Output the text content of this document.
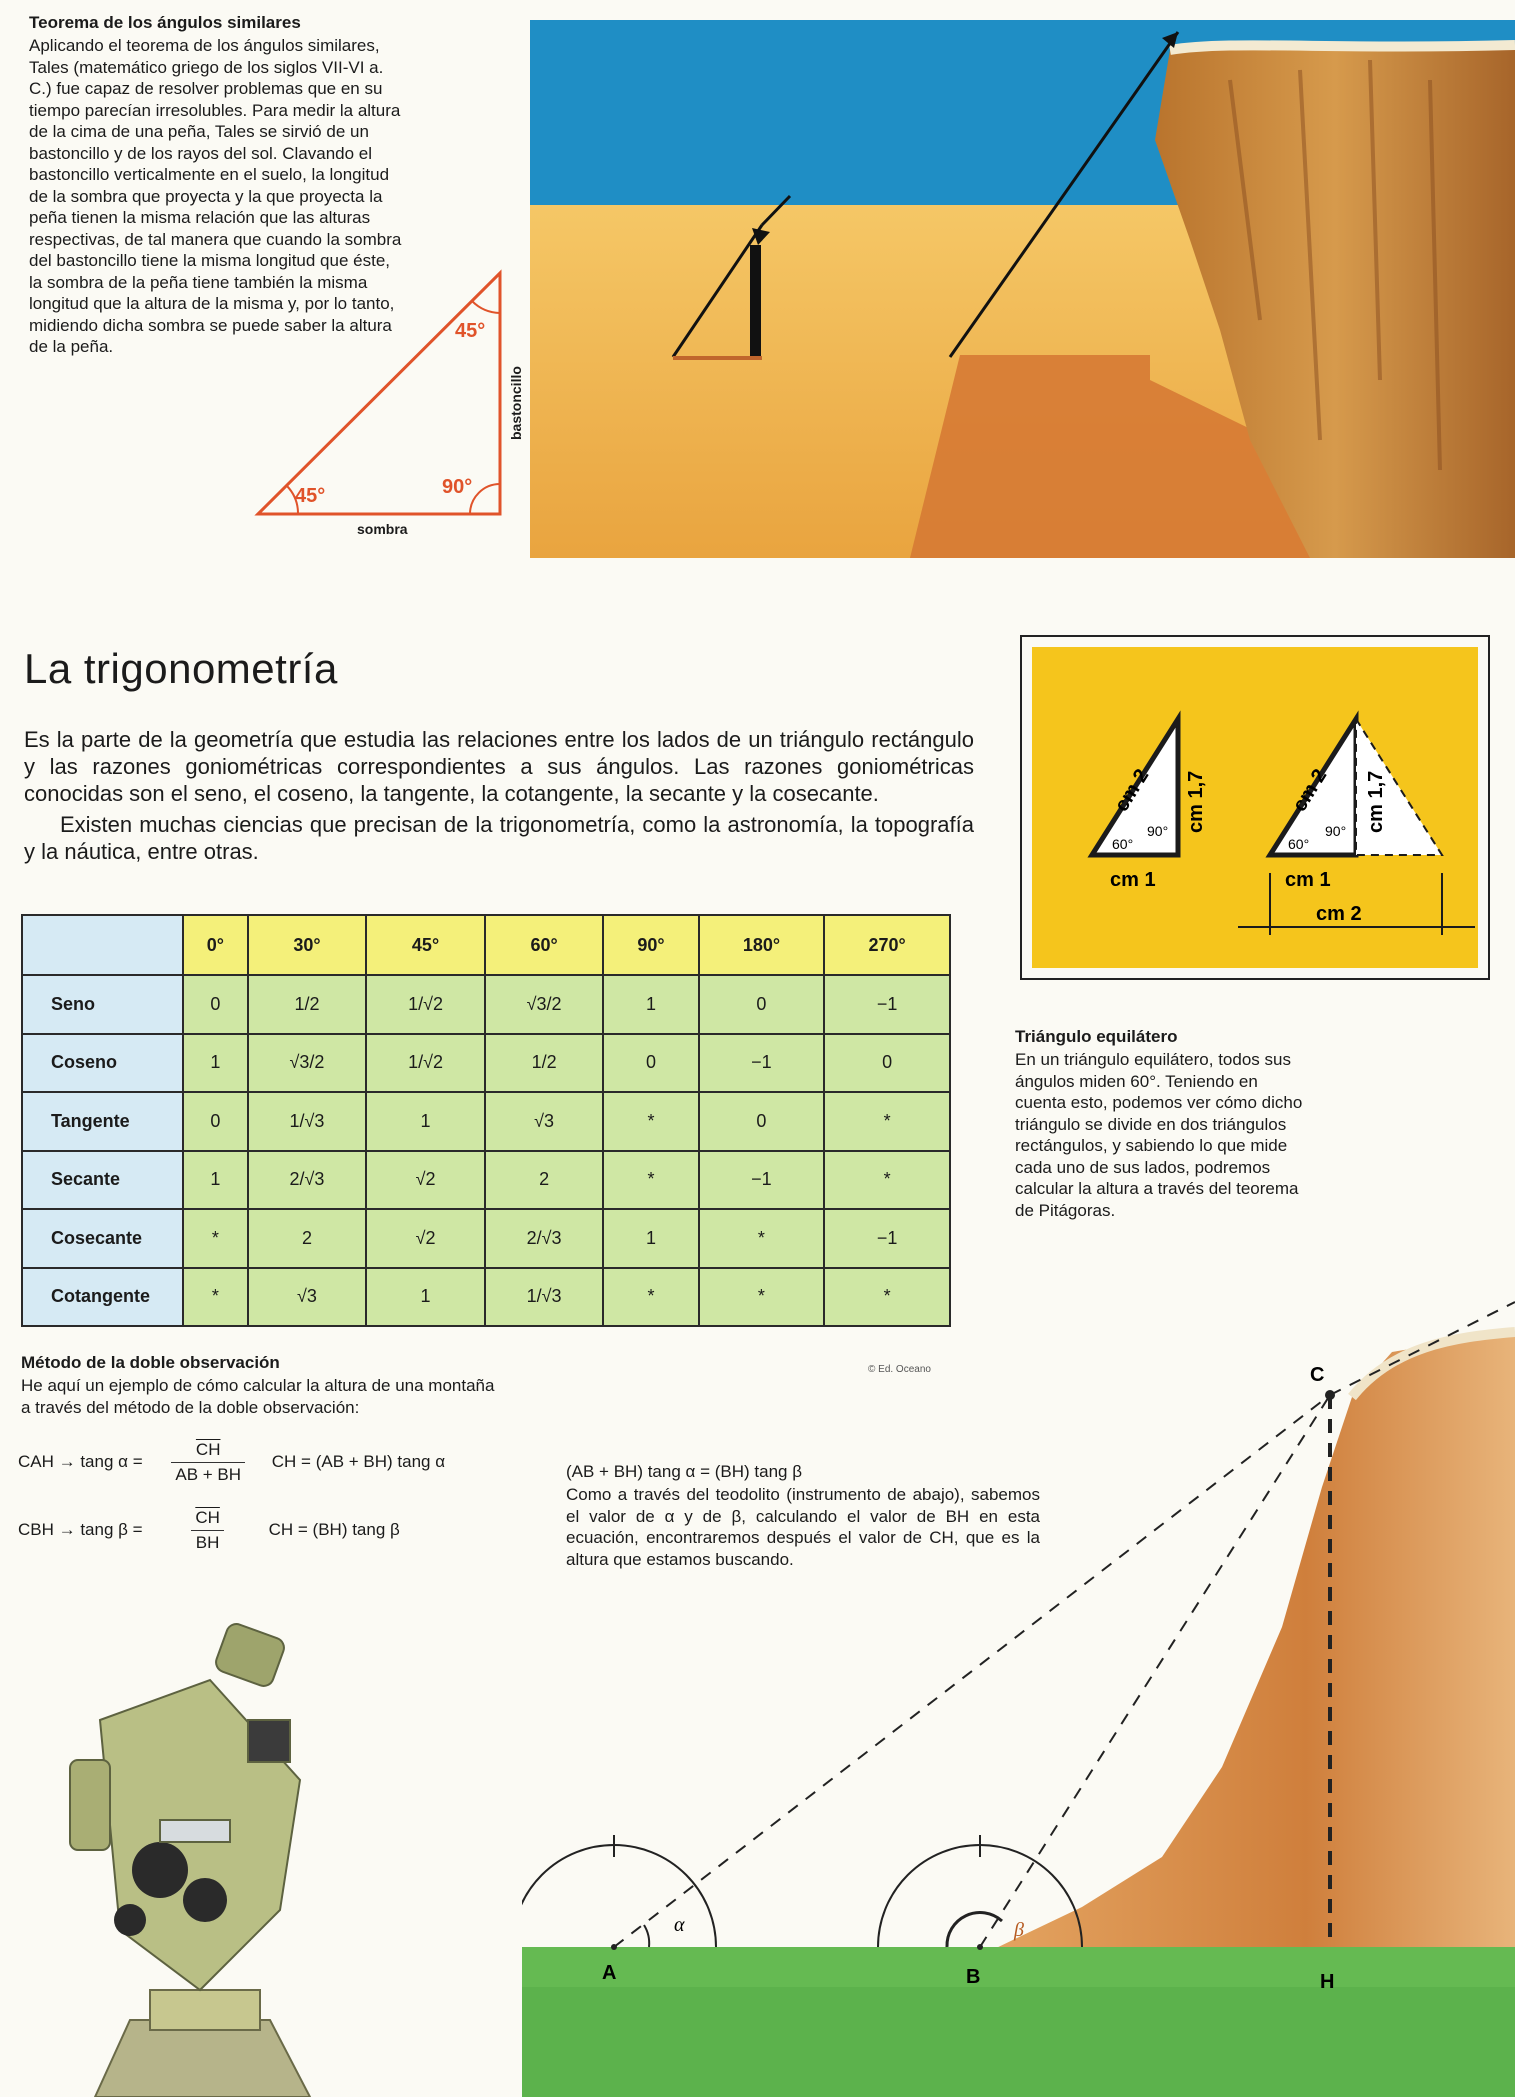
Teorema de los ángulos similares
Aplicando el teorema de los ángulos similares, Tales (matemático griego de los siglos VII-VI a. C.) fue capaz de resolver problemas que en su tiempo parecían irresolubles. Para medir la altura de la cima de una peña, Tales se sirvió de un bastoncillo y de los rayos del sol. Clavando el bastoncillo verticalmente en el suelo, la longitud de la sombra que proyecta y la que proyecta la peña tienen la misma relación que las alturas respectivas, de tal manera que cuando la sombra del bastoncillo tiene la misma longitud que éste, la sombra de la peña tiene también la misma longitud que la altura de la misma y, por lo tanto, midiendo dicha sombra se puede saber la altura de la peña.
45°
45°	90°
sombra
bastoncillo
La trigonometría

Es la parte de la geometría que estudia las relaciones entre los lados de un triángulo rectángulo y las razones goniométricas correspondientes a sus ángulos. Las razones goniométricas conocidas son el seno, el coseno, la tangente, la cotangente, la secante y la cosecante.

Existen muchas ciencias que precisan de la trigonometría, como la astronomía, la topografía y la náutica, entre otras.

	0°	30°	45°	60°	90°	180°	270°
Seno	0	1/2	1/√2	√3/2	1	0	−1
Coseno	1	√3/2	1/√2	1/2	0	−1	0
Tangente	0	1/√3	1	√3	*	0	*
Secante	1	2/√3	√2	2	*	−1	*
Cosecante	*	2	√2	2/√3	1	*	−1
Cotangente	*	√3	1	1/√3	*	*	*
cm 2 cm 1,7
60°
90°
cm 1
cm 2 cm 1,7
60°
90°
cm 1
cm 2
Triángulo equilátero
En un triángulo equilátero, todos sus ángulos miden 60°. Teniendo en cuenta esto, podemos ver cómo dicho triángulo se divide en dos triángulos rectángulos, y sabiendo lo que mide cada uno de sus lados, podremos calcular la altura a través del teorema de Pitágoras.
Método de la doble observación
He aquí un ejemplo de cómo calcular la altura de una montaña a través del método de la doble observación:
© Ed. Oceano
CAH → tang $\alpha = \frac{\overline{CH}}{AB + BH}$ CH = (AB + BH) tang α
CBH → tang β =	$\frac{\overline{CH}}{BH}$	CH = (BH) tang β
(AB + BH) tang α = (BH) tang β
Como a través del teodolito (instrumento de abajo), sabemos el valor de α y de β, calculando el valor de BH en esta ecuación, encontraremos después el valor de CH, que es la altura que estamos buscando.
α	β
A	B
C
H
